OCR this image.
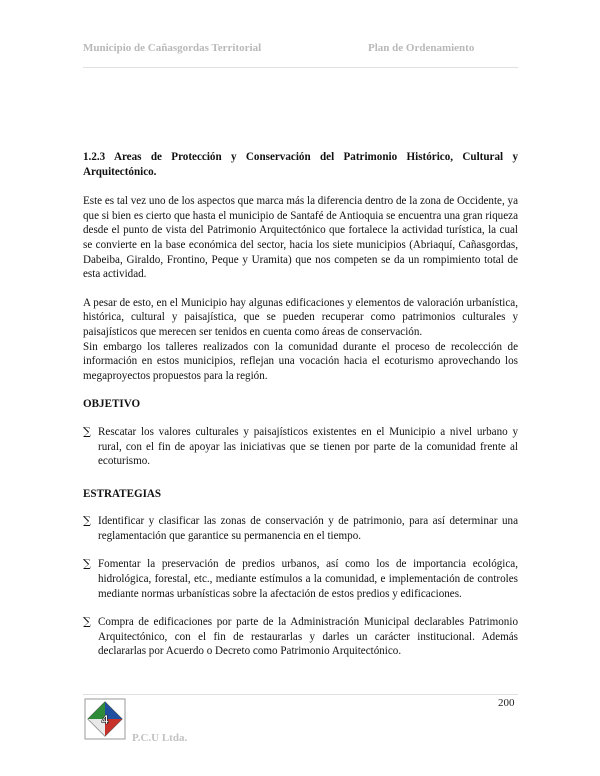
Municipio de Cañasgordas Territorial	Plan de Ordenamiento

1.2.3 Areas de Protección y Conservación del Patrimonio Histórico, Cultural y Arquitectónico.

Este es tal vez uno de los aspectos que marca más la diferencia dentro de la zona de Occidente, ya que si bien es cierto que hasta el municipio de Santafé de Antioquia se encuentra una gran riqueza desde el punto de vista del Patrimonio Arquitectónico que fortalece la actividad turística, la cual se convierte en la base económica del sector, hacia los siete municipios (Abriaquí, Cañasgordas, Dabeiba, Giraldo, Frontino, Peque y Uramita) que nos competen se da un rompimiento total de esta actividad.

A pesar de esto, en el Municipio hay algunas edificaciones y elementos de valoración urbanística, histórica, cultural y paisajística, que se pueden recuperar como patrimonios culturales y paisajísticos que merecen ser tenidos en cuenta como áreas de conservación.

Sin embargo los talleres realizados con la comunidad durante el proceso de recolección de información en estos municipios, reflejan una vocación hacia el ecoturismo aprovechando los megaproyectos propuestos para la región.

OBJETIVO

∑ Rescatar los valores culturales y paisajísticos existentes en el Municipio a nivel urbano y rural, con el fin de apoyar las iniciativas que se tienen por parte de la comunidad frente al ecoturismo.

ESTRATEGIAS

∑ Identificar y clasificar las zonas de conservación y de patrimonio, para así determinar una reglamentación que garantice su permanencia en el tiempo.
∑ Fomentar la preservación de predios urbanos, así como los de importancia ecológica, hidrológica, forestal, etc., mediante estímulos a la comunidad, e implementación de controles mediante normas urbanísticas sobre la afectación de estos predios y edificaciones.
∑ Compra de edificaciones por parte de la Administración Municipal declarables Patrimonio Arquitectónico, con el fin de restaurarlas y darles un carácter institucional. Además declararlas por Acuerdo o Decreto como Patrimonio Arquitectónico.
200
4
P.C.U Ltda.
